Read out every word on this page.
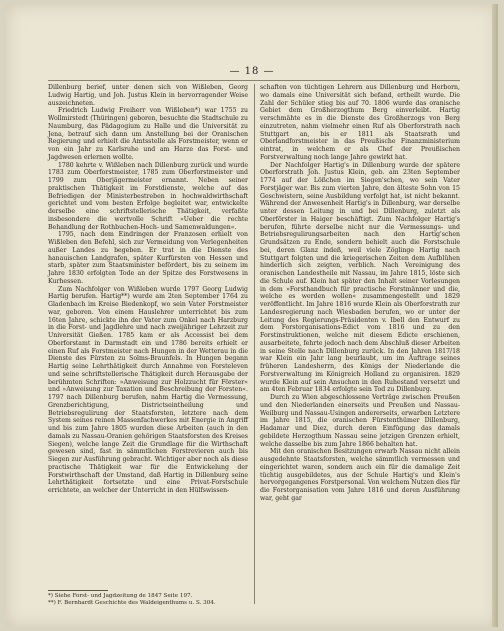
— 18 —

Dillenburg berief, unter denen sich von Wißleben, Georg Ludwig Hartig, und Joh. Justus Klein in hervorragender Weise auszeichneten.

Friedrich Ludwig Freiherr von Wißleben*) war 1755 zu Wollmirstedt (Thüringen) geboren, besuchte die Stadtschule zu Naumburg, das Pädagogium zu Halle und die Universität zu Jena, betrauf sich dann um Anstellung bei der Oranischen Regierung und erhielt die Amtsstelle als Forstmeister, wenn er von ein Jahr zu Karlsruhe und am Harze das Forst- und Jagdwesen erlernen wollte.

1780 kehrte v. Wißleben nach Dillenburg zurück und wurde 1783 zum Oberforstmeister, 1785 zum Oberforstmeister und 1799 zum Oberjägermeister ernannt. Neben seiner praktischen Thätigkeit im Forstdienste, welche auf das Befriedigen der Ministerbestreben in hochwaldwirthschaft gerichtet und vom besten Erfolge begleitet war, entwickelte derselbe eine schriftstellerische Thätigkeit, verfaßte insbesondere die wertvolle Schrift »Ueber die rechte Behandlung der Rothbuchen-Hoch- und Samenwaldungen«.

1795, nach dem Eindringen der Franzosen erhielt von Wißleben den Befehl, sich zur Vermeidung von Verlegenheiten außer Landes zu begeben. Er trat in die Dienste des hanauischen Landgrafen, später Kurfürsten von Hessen und starb, später zum Staatsminister befördert, bis zu seinem im Jahre 1830 erfolgten Tode an der Spitze des Forstwesens in Kurhessen.

Zum Nachfolger von Wißleben wurde 1797 Georg Ludwig Hartig berufen. Hartig**) wurde am 2ten September 1764 zu Gladenbach im Kreise Biedenkopf, wo sein Vater Forstmeister war, geboren. Von einem Hauslehrer unterrichtet bis zum 16ten Jahre, schickte ihn der Vater zum Onkel nach Harzburg in die Forst- und Jagdlehre und nach zweijähriger Lehrzeit zur Universität Gießen. 1785 kam er als Accessist bei dem Oberforstamt in Darmstadt ein und 1786 bereits erhielt er einen Ruf als Forstmeister nach Hungen in der Wetterau in die Dienste des Fürsten zu Solms-Braunfels. In Hungen begann Hartig seine Lehrthätigkeit durch Annahme von Forsteleven und seine schriftstellerische Thätigkeit durch Herausgabe der berühmten Schriften: »Anweisung zur Holzzucht für Förster« und »Anweisung zur Taxation und Beschreibung der Forsten«. 1797 nach Dillenburg berufen, nahm Hartig die Vermessung, Grenzberichtigung, Districtseintheilung und Betriebsregulirung der Staatsforsten, letztere nach dem System seines reinen Massenfachwerkes mit Energie in Angriff und bis zum Jahre 1805 wurden diese Arbeiten (auch in den damals zu Nassau-Oranien gehörigen Staatsforsten des Kreises Siegen), welche lange Zeit die Grundlage für die Wirthschaft gewesen sind, fast in sämmtlichen Forstrevieren auch bis Siegen zur Ausführung gebracht. Wichtiger aber noch als diese practische Thätigkeit war für die Entwickelung der Forstwirthschaft der Umstand, daß Hartig in Dillenburg seine Lehrthätigkeit fortsetzte und eine Privat-Forstschule errichtete, an welcher der Unterricht in den Hülfswissen-

schaften von tüchtigen Lehrern aus Dillenburg und Herborn, wo damals eine Universität sich befand, ertheilt wurde. Die Zahl der Schüler stieg bis auf 70. 1806 wurde das oranische Gebiet dem Großherzogthum Berg einverleibt. Hartig verschmähte es in die Dienste des Großherzogs von Berg einzutreten, nahm vielmehr einen Ruf als Oberforstrath nach Stuttgart an, bis er 1811 als Staatsrath und Oberlandforstmeister in das Preußische Finanzministerium eintrat, in welchem er als Chef der Preußischen Forstverwaltung noch lange Jahre gewirkt hat.

Der Nachfolger Hartig's in Dillenburg wurde der spätere Oberforstrath Joh. Justus Klein, geb. am 23ten September 1774 auf der Lößchen im Siegen'schen, wo sein Vater Forstjäger war. Bis zum vierten Jahre, den älteste Sohn von 15 Geschwistern, seine Ausbildung verfolgt hat, ist nicht bekannt. Während der Anwesenheit Hartig's in Dillenburg, war derselbe unter dessen Leitung in und bei Dillenburg, zuletzt als Oberförster in Haiger beschäftigt. Zum Nachfolger Hartig's berufen, führte derselbe nicht nur die Vermessungs- und Betriebsregulirungsarbeiten nach den Hartig'schen Grundsätzen zu Ende, sondern behielt auch die Forstschule bei, deren Glanz indeß, weil viele Zöglinge Hartig nach Stuttgart folgten und die kriegerischen Zeiten dem Aufblühen hinderlich sich zeigten, verblich. Nach Vereinigung des oranischen Landestheile mit Nassau, im Jahre 1815, löste sich die Schule auf. Klein hat später den Inhalt seiner Vorlesungen in dem »Forsthandbuch für practische Forstmänner und die, welche es werden wollen« zusammengestellt und 1829 veröffentlicht. Im Jahre 1816 wurde Klein als Oberforstrath zur Landesregierung nach Wiesbaden berufen, wo er unter der Leitung des Regierungs-Präsidenten v. Ibell den Entwurf zu dem Forstorganisations-Edict vom 1816 und zu den Forstinstruktionen, welche mit diesem Edicte erschienen, ausarbeitete, fehrte jedoch nach dem Abschluß dieser Arbeiten in seine Stelle nach Dillenburg zurück. In den Jahren 1817/18 war Klein ein Jahr lang beurlaubt, um im Auftrage seines früheren Landesherrn, des Königs der Niederlande die Forstverwaltung im Königreich Holland zu organisiren. 1829 wurde Klein auf sein Ansuchen in den Ruhestand versetzt und am 4ten Februar 1834 erfolgte sein Tod zu Dillenburg.

Durch zu Wien abgeschlossene Verträge zwischen Preußen und den Niederlanden einerseits und Preußen und Nassau-Weilburg und Nassau-Usingen andererseits, erwarben Letztere im Jahre 1815, die oranischen Fürstenthümer Dillenburg, Hadamar und Diez, durch deren Einfügung das damals gebildete Herzogthum Nassau seine jetzigen Grenzen erhielt, welche dasselbe bis zum Jahre 1866 behalten hat.

Mit den oranischen Besitzungen erwarb Nassau nicht allein ausgedehnte Staatsforsten, welche sämmtlich vermessen und eingerichtet waren, sondern auch ein für die damalige Zeit tüchtig ausgebildetes, aus der Schule Hartig's und Klein's hervorgegangenes Forstpersonal. Von welchem Nutzen dies für die Forstorganisation vom Jahre 1816 und deren Ausführung war, geht gar

*) Siehe Forst- und Jagdzeitung de 1847 Seite 197.
**) F. Bernhardt Geschichte des Waldeigenthums u. S. 304.
